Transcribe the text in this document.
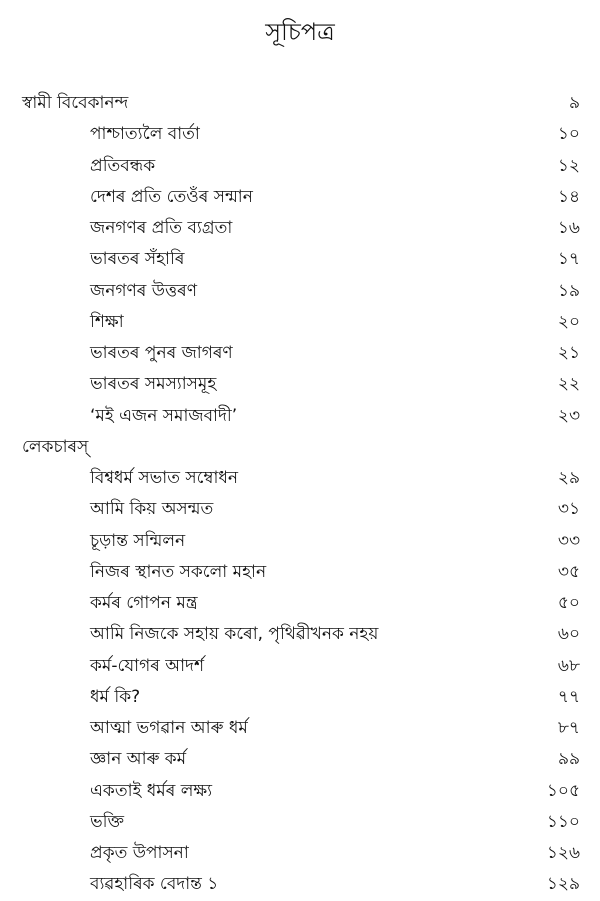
সূচিপত্ৰ
স্বামী বিবেকানন্দ	৯
পাশ্চাত্যলৈ বাৰ্তা	১০
প্ৰতিবন্ধক	১২
দেশৰ প্ৰতি তেওঁৰ সন্মান	১৪
জনগণৰ প্ৰতি ব্যগ্ৰতা	১৬
ভাৰতৰ সঁহাৰি	১৭
জনগণৰ উত্তৰণ	১৯
শিক্ষা	২০
ভাৰতৰ পুনৰ জাগৰণ	২১
ভাৰতৰ সমস্যাসমূহ	২২
‘মই এজন সমাজবাদী’	২৩
লেকচাৰস্
বিশ্বধৰ্ম সভাত সম্বোধন	২৯
আমি কিয় অসন্মত	৩১
চূড়ান্ত সন্মিলন	৩৩
নিজৰ স্থানত সকলো মহান	৩৫
কৰ্মৰ গোপন মন্ত্ৰ	৫০
আমি নিজকে সহায় কৰো, পৃথিৱীখনক নহয়	৬০
কৰ্ম-যোগৰ আদৰ্শ	৬৮
ধৰ্ম কি?	৭৭
আত্মা ভগৱান আৰু ধৰ্ম	৮৭
জ্ঞান আৰু কৰ্ম	৯৯
একতাই ধৰ্মৰ লক্ষ্য	১০৫
ভক্তি	১১০
প্ৰকৃত উপাসনা	১২৬
ব্যৱহাৰিক বেদান্ত ১	১২৯
